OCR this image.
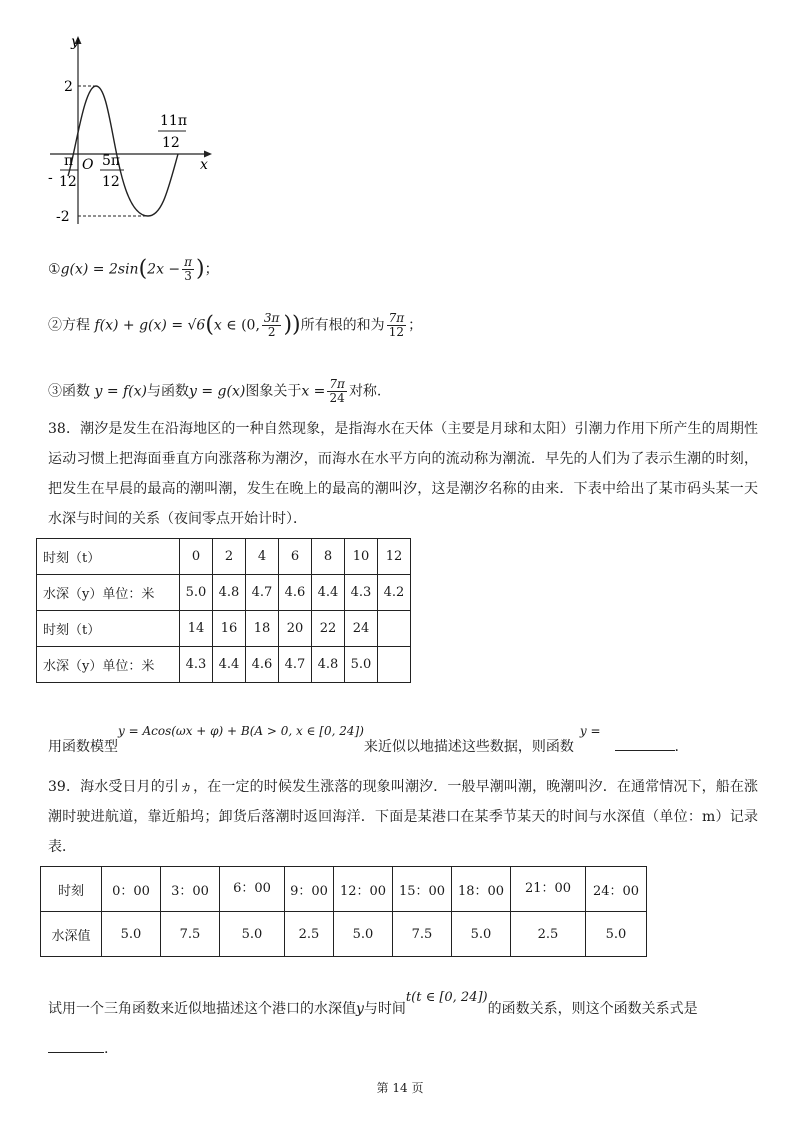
y
x
O
2
-2
-
π
12
5π
12
11π
12
①g(x) = $2\sin(2x - \frac{\pi}{3}$ )；
②方程 f(x) + g(x) = √6(x ∈ (0, $\frac{3\pi}{2}$ ))所有根的和为 $\frac{7\pi}{12}$ ；
③函数 y = f(x)与函数y = g(x)图象关于$x = \frac{7\pi}{24}$ 对称.
38．潮汐是发生在沿海地区的一种自然现象，是指海水在天体（主要是月球和太阳）引潮力作用下所产生的周期性运动习惯上把海面垂直方向涨落称为潮汐，而海水在水平方向的流动称为潮流．早先的人们为了表示生潮的时刻，把发生在早晨的最高的潮叫潮，发生在晚上的最高的潮叫汐，这是潮汐名称的由来．下表中给出了某市码头某一天水深与时间的关系（夜间零点开始计时）．
时刻（t）	0	2	4	6	8	10	12
水深（y）单位：米	5.0	4.8	4.7	4.6	4.4	4.3	4.2
时刻（t）	14	16	18	20	22	24	
水深（y）单位：米	4.3	4.4	4.6	4.7	4.8	5.0	
用函数模型y = Acos(ωx + φ) + B(A > 0, x ∈ [0, 24])来近似以地描述这些数据，则函数y =.
39．海水受日月的引ヵ，在一定的时候发生涨落的现象叫潮汐．一般早潮叫潮，晚潮叫汐．在通常情况下，船在涨潮时驶进航道，靠近船坞；卸货后落潮时返回海洋．下面是某港口在某季节某天的时间与水深值（单位：m）记录表．
时刻	0：00	3：00	6：00	9：00	12：00	15：00	18：00	21：00	24：00
水深值	5.0	7.5	5.0	2.5	5.0	7.5	5.0	2.5	5.0
试用一个三角函数来近似地描述这个港口的水深值y与时间t(t ∈ [0, 24])的函数关系，则这个函数关系式是
.
第 14 页
